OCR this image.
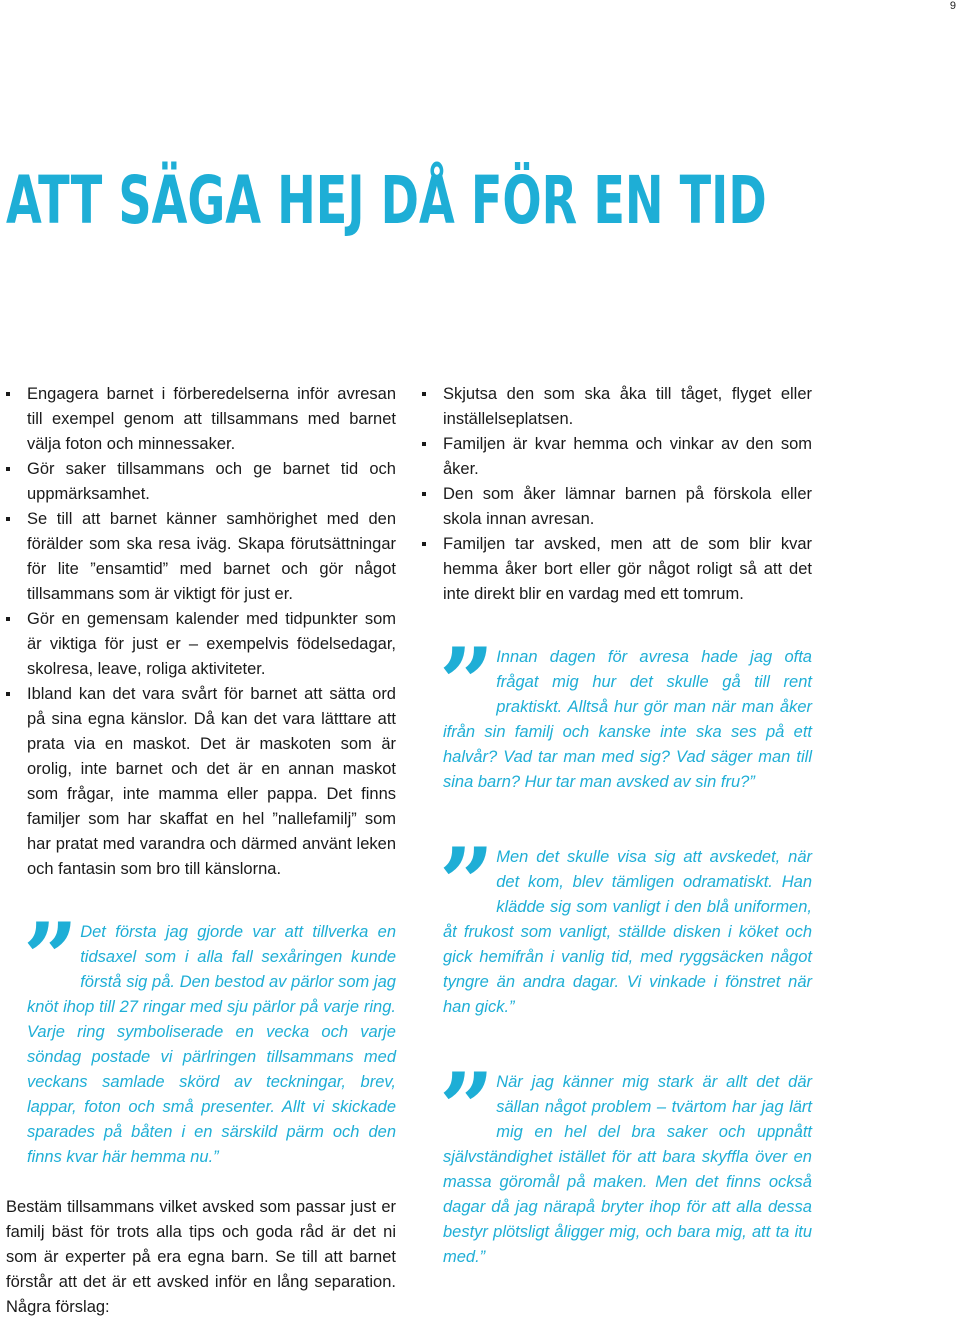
9
ATT SÄGA HEJ DÅ FÖR EN TID
Engagera barnet i förberedelserna inför avresan till exempel genom att tillsammans med barnet välja foton och minnessaker.
Gör saker tillsammans och ge barnet tid och uppmärksamhet.
Se till att barnet känner samhörighet med den förälder som ska resa iväg. Skapa förutsättningar för lite ”ensamtid” med barnet och gör något tillsammans som är viktigt för just er.
Gör en gemensam kalender med tidpunkter som är viktiga för just er – exempelvis födelsedagar, skolresa, leave, roliga aktiviteter.
Ibland kan det vara svårt för barnet att sätta ord på sina egna känslor. Då kan det vara lätttare att prata via en maskot. Det är maskoten som är orolig, inte barnet och det är en annan maskot som frågar, inte mamma eller pappa. Det finns familjer som har skaffat en hel ”nallefamilj” som har pratat med varandra och därmed använt leken och fantasin som bro till känslorna.
” Det första jag gjorde var att tillverka en tidsaxel som i alla fall sexåringen kunde förstå sig på. Den bestod av pärlor som jag knöt ihop till 27 ringar med sju pärlor på varje ring. Varje ring symboliserade en vecka och varje söndag postade vi pärlringen tillsammans med veckans samlade skörd av teckningar, brev, lappar, foton och små presenter. Allt vi skickade sparades på båten i en särskild pärm och den finns kvar här hemma nu.”

Bestäm tillsammans vilket avsked som passar just er familj bäst för trots alla tips och goda råd är det ni som är experter på era egna barn. Se till att barnet förstår att det är ett avsked inför en lång separation. Några förslag:

Skjutsa den som ska åka till tåget, flyget eller inställelseplatsen.
Familjen är kvar hemma och vinkar av den som åker.
Den som åker lämnar barnen på förskola eller skola innan avresan.
Familjen tar avsked, men att de som blir kvar hemma åker bort eller gör något roligt så att det inte direkt blir en vardag med ett tomrum.
” Innan dagen för avresa hade jag ofta frågat mig hur det skulle gå till rent praktiskt. Alltså hur gör man när man åker ifrån sin familj och kanske inte ska ses på ett halvår? Vad tar man med sig? Vad säger man till sina barn? Hur tar man avsked av sin fru?”
” Men det skulle visa sig att avskedet, när det kom, blev tämligen odramatiskt. Han klädde sig som vanligt i den blå uniformen, åt frukost som vanligt, ställde disken i köket och gick hemifrån i vanlig tid, med ryggsäcken något tyngre än andra dagar. Vi vinkade i fönstret när han gick.”
” När jag känner mig stark är allt det där sällan något problem – tvärtom har jag lärt mig en hel del bra saker och uppnått självständighet istället för att bara skyffla över en massa göromål på maken. Men det finns också dagar då jag närapå bryter ihop för att alla dessa bestyr plötsligt åligger mig, och bara mig, att ta itu med.”
